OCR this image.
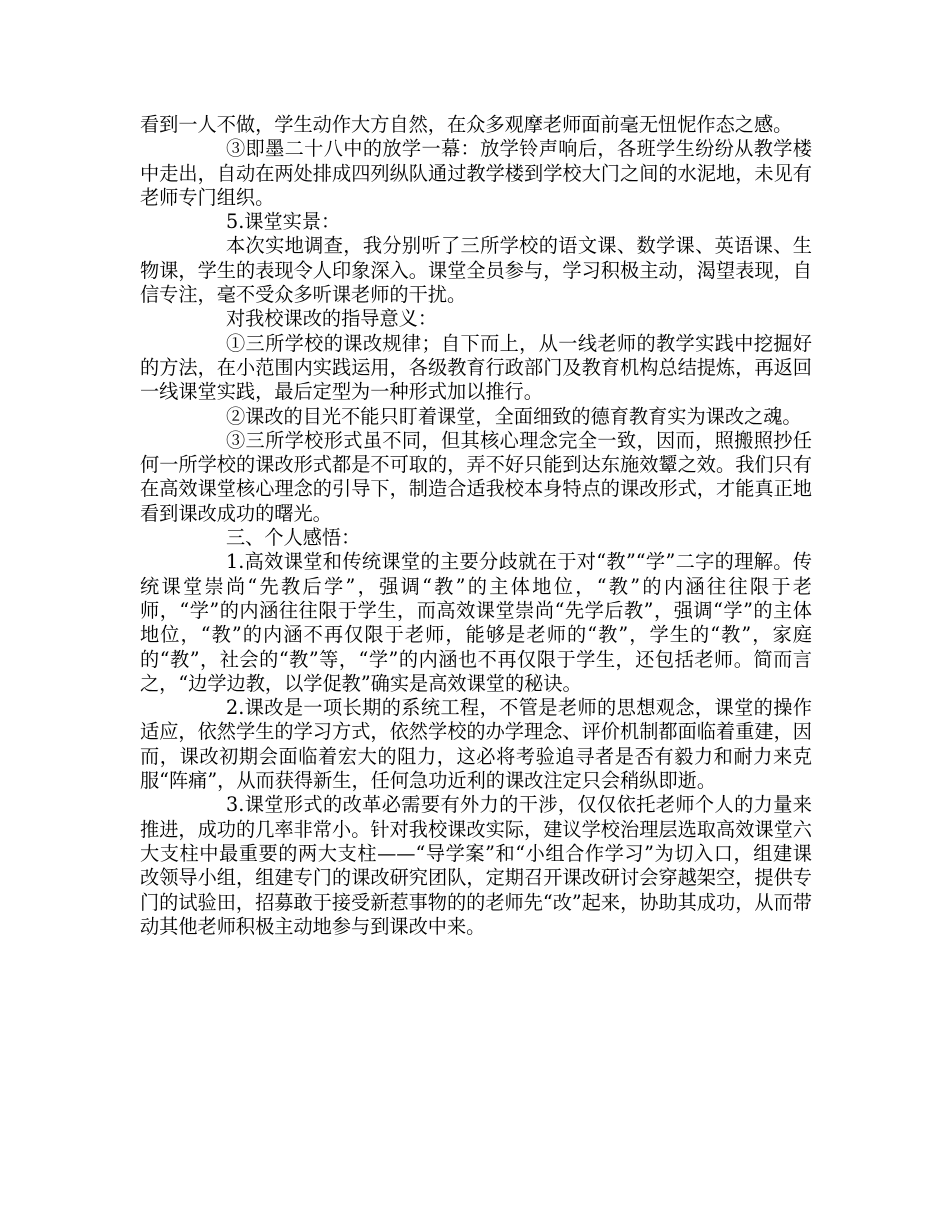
看到一人不做，学生动作大方自然，在众多观摩老师面前毫无忸怩作态之感。

③即墨二十八中的放学一幕：放学铃声响后，各班学生纷纷从教学楼中走出，自动在两处排成四列纵队通过教学楼到学校大门之间的水泥地，未见有老师专门组织。

5.课堂实景：

本次实地调查，我分别听了三所学校的语文课、数学课、英语课、生物课，学生的表现令人印象深入。课堂全员参与，学习积极主动，渴望表现，自信专注，毫不受众多听课老师的干扰。

对我校课改的指导意义：

①三所学校的课改规律；自下而上，从一线老师的教学实践中挖掘好的方法，在小范围内实践运用，各级教育行政部门及教育机构总结提炼，再返回一线课堂实践，最后定型为一种形式加以推行。

②课改的目光不能只盯着课堂，全面细致的德育教育实为课改之魂。

③三所学校形式虽不同，但其核心理念完全一致，因而，照搬照抄任何一所学校的课改形式都是不可取的，弄不好只能到达东施效颦之效。我们只有在高效课堂核心理念的引导下，制造合适我校本身特点的课改形式，才能真正地看到课改成功的曙光。

三、个人感悟：

1.高效课堂和传统课堂的主要分歧就在于对“教”“学”二字的理解。传统课堂崇尚“先教后学”，强调“教”的主体地位，“教”的内涵往往限于老师，“学”的内涵往往限于学生，而高效课堂崇尚“先学后教”，强调“学”的主体地位，“教”的内涵不再仅限于老师，能够是老师的“教”，学生的“教”，家庭的“教”，社会的“教”等，“学”的内涵也不再仅限于学生，还包括老师。简而言之，“边学边教，以学促教”确实是高效课堂的秘诀。

2.课改是一项长期的系统工程，不管是老师的思想观念，课堂的操作适应，依然学生的学习方式，依然学校的办学理念、评价机制都面临着重建，因而，课改初期会面临着宏大的阻力，这必将考验追寻者是否有毅力和耐力来克服“阵痛”，从而获得新生，任何急功近利的课改注定只会稍纵即逝。

3.课堂形式的改革必需要有外力的干涉，仅仅依托老师个人的力量来推进，成功的几率非常小。针对我校课改实际，建议学校治理层选取高效课堂六大支柱中最重要的两大支柱——“导学案”和“小组合作学习”为切入口，组建课改领导小组，组建专门的课改研究团队，定期召开课改研讨会穿越架空，提供专门的试验田，招募敢于接受新惹事物的的老师先“改”起来，协助其成功，从而带动其他老师积极主动地参与到课改中来。
